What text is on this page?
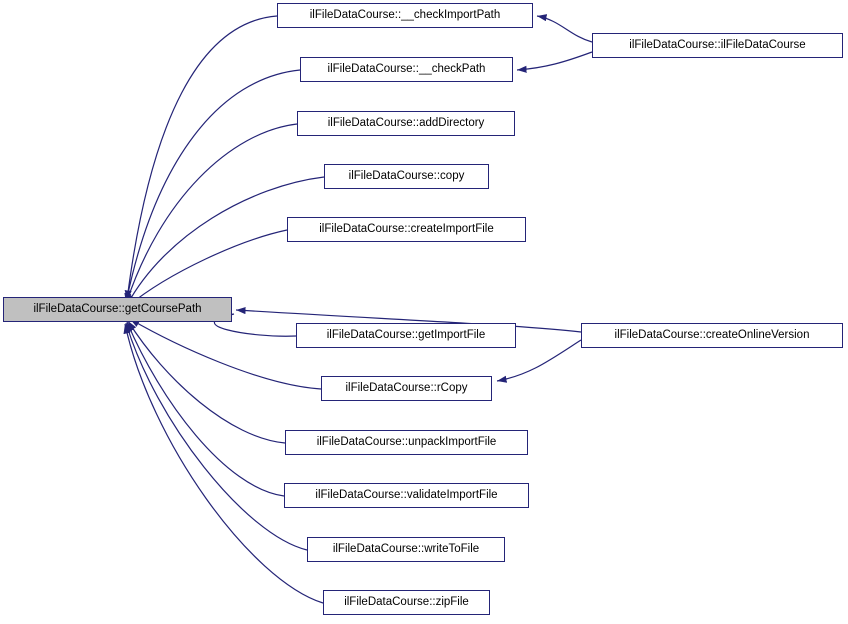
ilFileDataCourse::getCoursePath
ilFileDataCourse::__checkImportPath
ilFileDataCourse::__checkPath
ilFileDataCourse::addDirectory
ilFileDataCourse::copy
ilFileDataCourse::createImportFile
ilFileDataCourse::getImportFile
ilFileDataCourse::rCopy
ilFileDataCourse::unpackImportFile
ilFileDataCourse::validateImportFile
ilFileDataCourse::writeToFile
ilFileDataCourse::zipFile
ilFileDataCourse::ilFileDataCourse
ilFileDataCourse::createOnlineVersion
